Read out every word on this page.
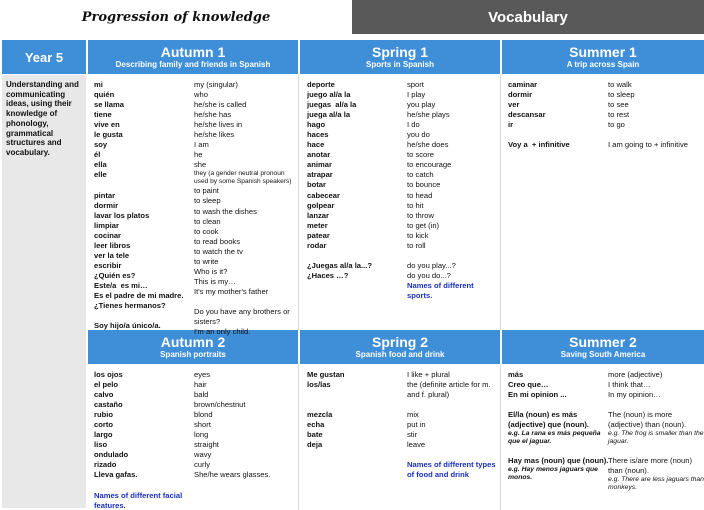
Progression of knowledge	Vocabulary
Year 5
Understanding and communicating ideas, using their knowledge of phonology, grammatical structures and vocabulary.
Autumn 1
Describing family and friends in Spanish
Spring 1
Sports in Spanish
Summer 1
A trip across Spain
Autumn 2
Spanish portraits
Spring 2
Spanish food and drink
Summer 2
Saving South America
mi
quién
se llama
tiene
vive en
le gusta
soy
él
ella
elle
pintar
dormir
lavar los platos
limpiar
cocinar
leer libros
ver la tele
escribir
¿Quién es?
Este/a  es mi…
Es el padre de mi madre.
¿Tienes hermanos?
Soy hijo/a único/a.
my (singular)
who
he/she is called
he/she has
he/she lives in
he/she likes
I am
he
she
they (a gender neutral pronoun used by some Spanish speakers)
to paint
to sleep
to wash the dishes
to clean
to cook
to read books
to watch the tv
to write
Who is it?
This is my…
It's my mother's father
Do you have any brothers or sisters?
I'm an only child.
deporte
juego al/a la
juegas  al/a la
juega al/a la
hago
haces
hace
anotar
animar
atrapar
botar
cabecear
golpear
lanzar
meter
patear
rodar
¿Juegas al/a la...?
¿Haces …?
sport
I play
you play
he/she plays
I do
you do
he/she does
to score
to encourage
to catch
to bounce
to head
to hit
to throw
to get (in)
to kick
to roll
do you play...?
do you do...?
Names of different sports.
caminar
dormir
ver
descansar
ir
Voy a  + infinitive
to walk
to sleep
to see
to rest
to go
I am going to + infinitive
los ojos
el pelo
calvo
castaño
rubio
corto
largo
liso
ondulado
rizado
Lleva gafas.
Names of different facial features.
eyes
hair
bald
brown/chestnut
blond
short
long
straight
wavy
curly
She/he wears glasses.
Me gustan
los/las
mezcla
echa
bate
deja
I like + plural
the (definite article for m. and f. plural)
mix
put in
stir
leave
Names of different types of food and drink
más
Creo que…
En mi opinion ...
El/la (noun) es más (adjective) que (noun).
e.g. La rana es más pequeña que el jaguar.
Hay mas (noun) que (noun).
e.g. Hay menos jaguars que monos.
more (adjective)
I think that…
In my opinion…
The (noun) is more (adjective) than (noun).
e.g. The frog is smaller than the jaguar.
There is/are more (noun) than (noun).
e.g. There are less jaguars than monkeys.
